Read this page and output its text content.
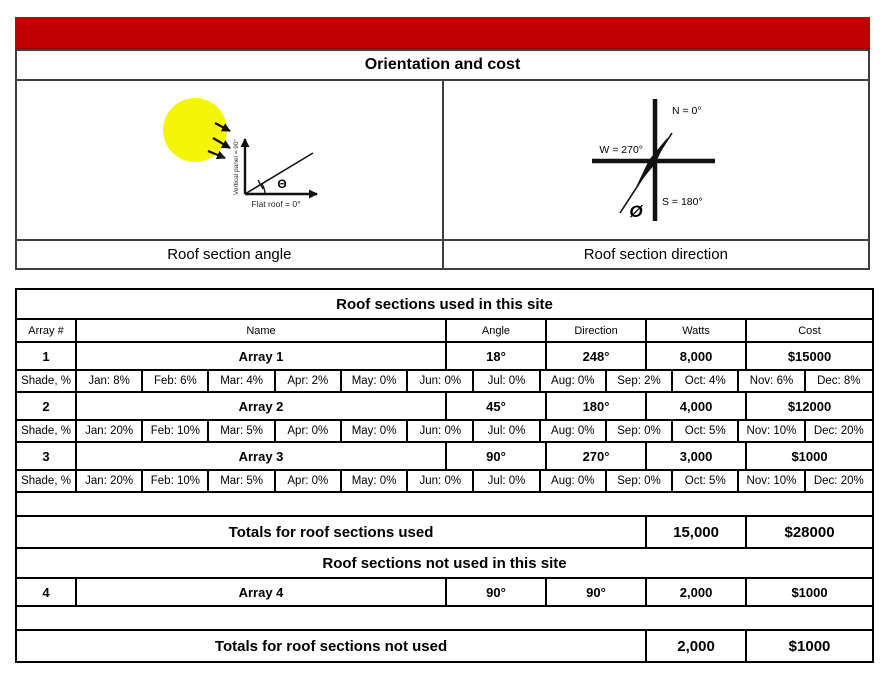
Orientation and cost
Θ
Vertical panel = 90°
Flat roof = 0°
N = 0°
W = 270°
S = 180°
Ø
Roof section angle	Roof section direction
Roof sections used in this site
Array #	Name	Angle	Direction	Watts	Cost
1	Array 1	18°	248°	8,000	$15000
Shade, %	Jan: 8%	Feb: 6%	Mar: 4%	Apr: 2%	May: 0%	Jun: 0%	Jul: 0%	Aug: 0%	Sep: 2%	Oct: 4%	Nov: 6%	Dec: 8%
2	Array 2	45°	180°	4,000	$12000
Shade, %	Jan: 20%	Feb: 10%	Mar: 5%	Apr: 0%	May: 0%	Jun: 0%	Jul: 0%	Aug: 0%	Sep: 0%	Oct: 5%	Nov: 10%	Dec: 20%
3	Array 3	90°	270°	3,000	$1000
Shade, %	Jan: 20%	Feb: 10%	Mar: 5%	Apr: 0%	May: 0%	Jun: 0%	Jul: 0%	Aug: 0%	Sep: 0%	Oct: 5%	Nov: 10%	Dec: 20%
Totals for roof sections used	15,000	$28000
Roof sections not used in this site
4	Array 4	90°	90°	2,000	$1000
Totals for roof sections not used	2,000	$1000
